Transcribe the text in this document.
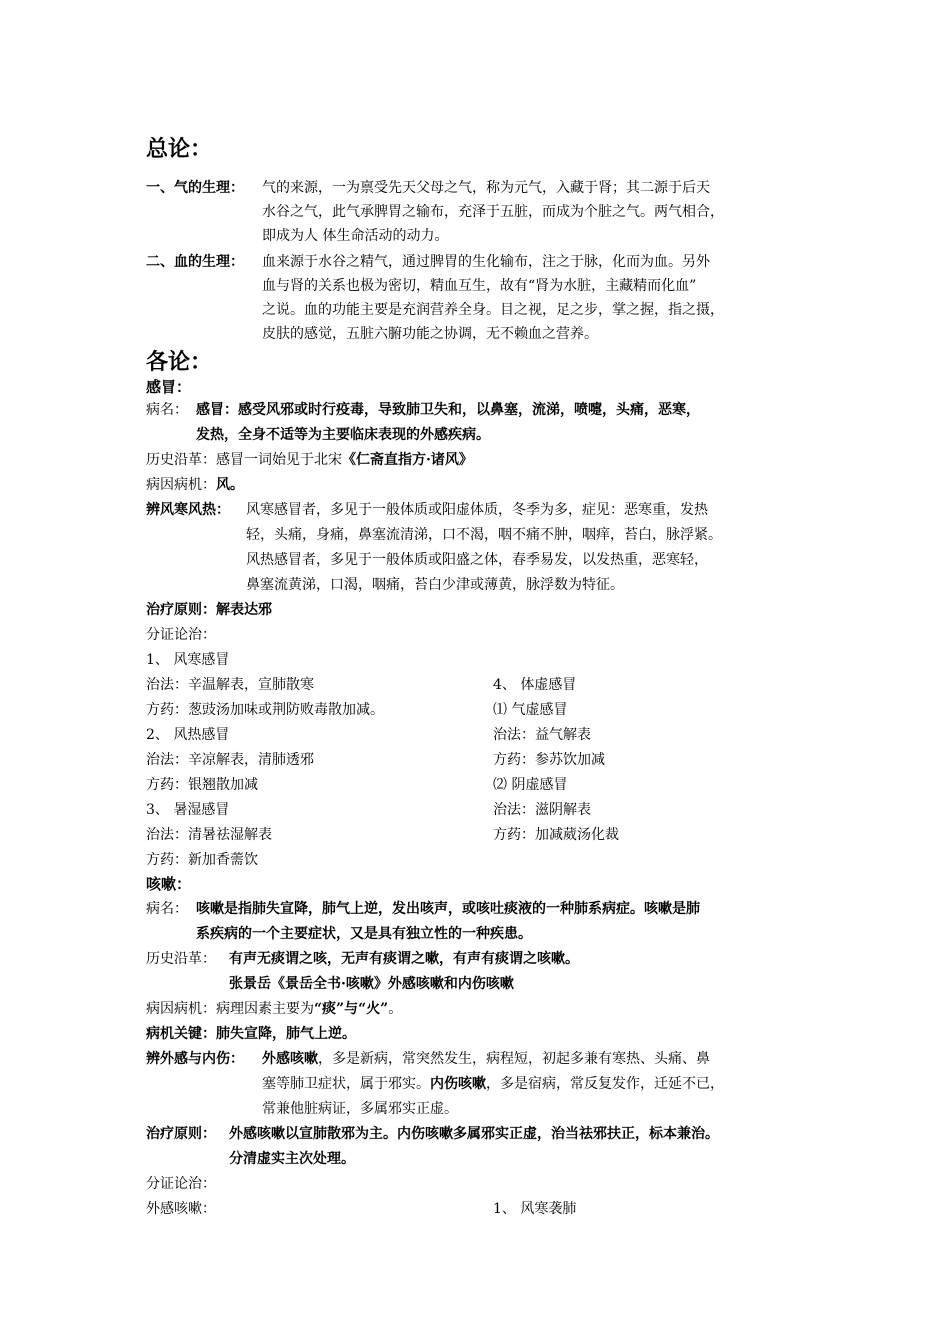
总论：
一、气的生理： 气的来源，一为禀受先天父母之气，称为元气，入藏于肾；其二源于后天
水谷之气，此气承脾胃之输布，充泽于五脏，而成为个脏之气。两气相合，
即成为人 体生命活动的动力。
二、血的生理： 血来源于水谷之精气，通过脾胃的生化输布，注之于脉，化而为血。另外
血与肾的关系也极为密切，精血互生，故有“肾为水脏，主藏精而化血”
之说。血的功能主要是充润营养全身。目之视，足之步，掌之握，指之摄，
皮肤的感觉，五脏六腑功能之协调，无不赖血之营养。
各论：
感冒：
病名： 感冒：感受风邪或时行疫毒，导致肺卫失和，以鼻塞，流涕，喷嚏，头痛，恶寒，
发热，全身不适等为主要临床表现的外感疾病。
历史沿革：感冒一词始见于北宋《仁斋直指方·诸风》
病因病机：风。
辨风寒风热： 风寒感冒者，多见于一般体质或阳虚体质，冬季为多，症见：恶寒重，发热
轻，头痛，身痛，鼻塞流清涕，口不渴，咽不痛不肿，咽痒，苔白，脉浮紧。
风热感冒者，多见于一般体质或阳盛之体，春季易发，以发热重，恶寒轻，
鼻塞流黄涕，口渴，咽痛，苔白少津或薄黄，脉浮数为特征。
治疗原则：解表达邪
分证论治：
1、 风寒感冒
治法：辛温解表，宣肺散寒
方药：葱豉汤加味或荆防败毒散加减。
2、 风热感冒
治法：辛凉解表，清肺透邪
方药：银翘散加减
3、 暑湿感冒
治法：清暑祛湿解表
方药：新加香薷饮
4、 体虚感冒
⑴ 气虚感冒
治法：益气解表
方药：参苏饮加减
⑵ 阴虚感冒
治法：滋阴解表
方药：加减葳汤化裁
咳嗽：
病名： 咳嗽是指肺失宣降，肺气上逆，发出咳声，或咳吐痰液的一种肺系病症。咳嗽是肺
系疾病的一个主要症状，又是具有独立性的一种疾患。
历史沿革： 有声无痰谓之咳，无声有痰谓之嗽，有声有痰谓之咳嗽。
张景岳《景岳全书·咳嗽》外感咳嗽和内伤咳嗽
病因病机：病理因素主要为“痰”与“火”。
病机关键：肺失宣降，肺气上逆。
辨外感与内伤： 外感咳嗽，多是新病，常突然发生，病程短，初起多兼有寒热、头痛、鼻
塞等肺卫症状，属于邪实。内伤咳嗽，多是宿病，常反复发作，迁延不已，
常兼他脏病证，多属邪实正虚。
治疗原则： 外感咳嗽以宣肺散邪为主。内伤咳嗽多属邪实正虚，治当祛邪扶正，标本兼治。
分清虚实主次处理。
分证论治：
外感咳嗽：	1、 风寒袭肺
